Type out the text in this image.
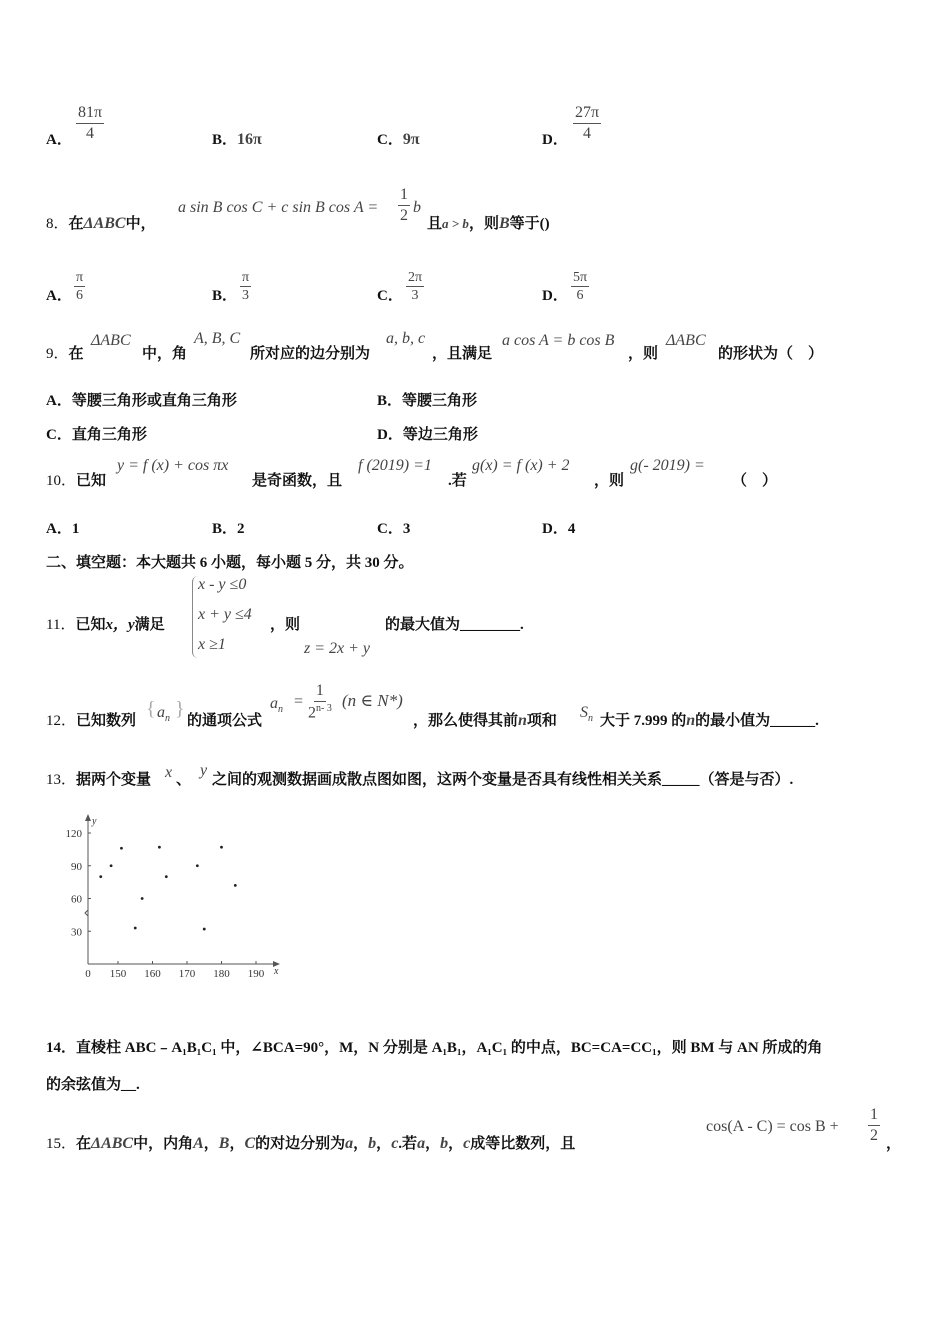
A． $\frac{81\pi}{4}$	B．16π	C．9π	D． $\frac{27\pi}{4}$
8．在ΔABC中，
a sin B cos C + c sin B $\cos A = \frac{1}{2}$ b
且a > b，则B等于()
A． $\frac{\pi}{6}$	B． $\frac{\pi}{3}$	C． $\frac{2\pi}{3}$	D． $\frac{5\pi}{6}$
9．在
ΔABC
中，角
A, B, C
所对应的边分别为
a, b, c
，且满足
a cos A = b cos B
，则
ΔABC
的形状为（　）
A．等腰三角形或直角三角形	B．等腰三角形
C．直角三角形	D．等边三角形
10．已知
y = f (x) + cos πx
是奇函数，且
f (2019) =1
.若
g(x) = f (x) + 2
，则
g(- 2019) =
（　）
A．1	B．2	C．3	D．4
二、填空题：本大题共 6 小题，每小题 5 分，共 30 分。
11．已知x，y满足
x - y ≤0
x + y ≤4
x ≥1
，则
z = 2x + y
的最大值为________.
12．已知数列
{ $a_n$ }
的通项公式
$a_n = \frac{1}{2^{n- 3}} (n$ ∈ N*)
，那么使得其前n项和 $S_n$ 大于 7.999 的n的最小值为______.
13．据两个变量 x 、
y
之间的观测数据画成散点图如图，这两个变量是否具有线性相关关系_____（答是与否）.
y
x
120
90
60
30
0 150 160 170 180 190
14．直棱柱 ABC﹣A₁B₁C₁ 中，∠BCA=90°，M，N 分别是 A₁B₁，A₁C₁ 的中点，BC=CA=CC₁，则 BM 与 AN 所成的角
的余弦值为__.
15．在ΔABC中，内角A，B，C的对边分别为a，b，c.若a，b，c成等比数列，且
$\cos(A - C) = \cos B + \frac{1}{2}$ ，
